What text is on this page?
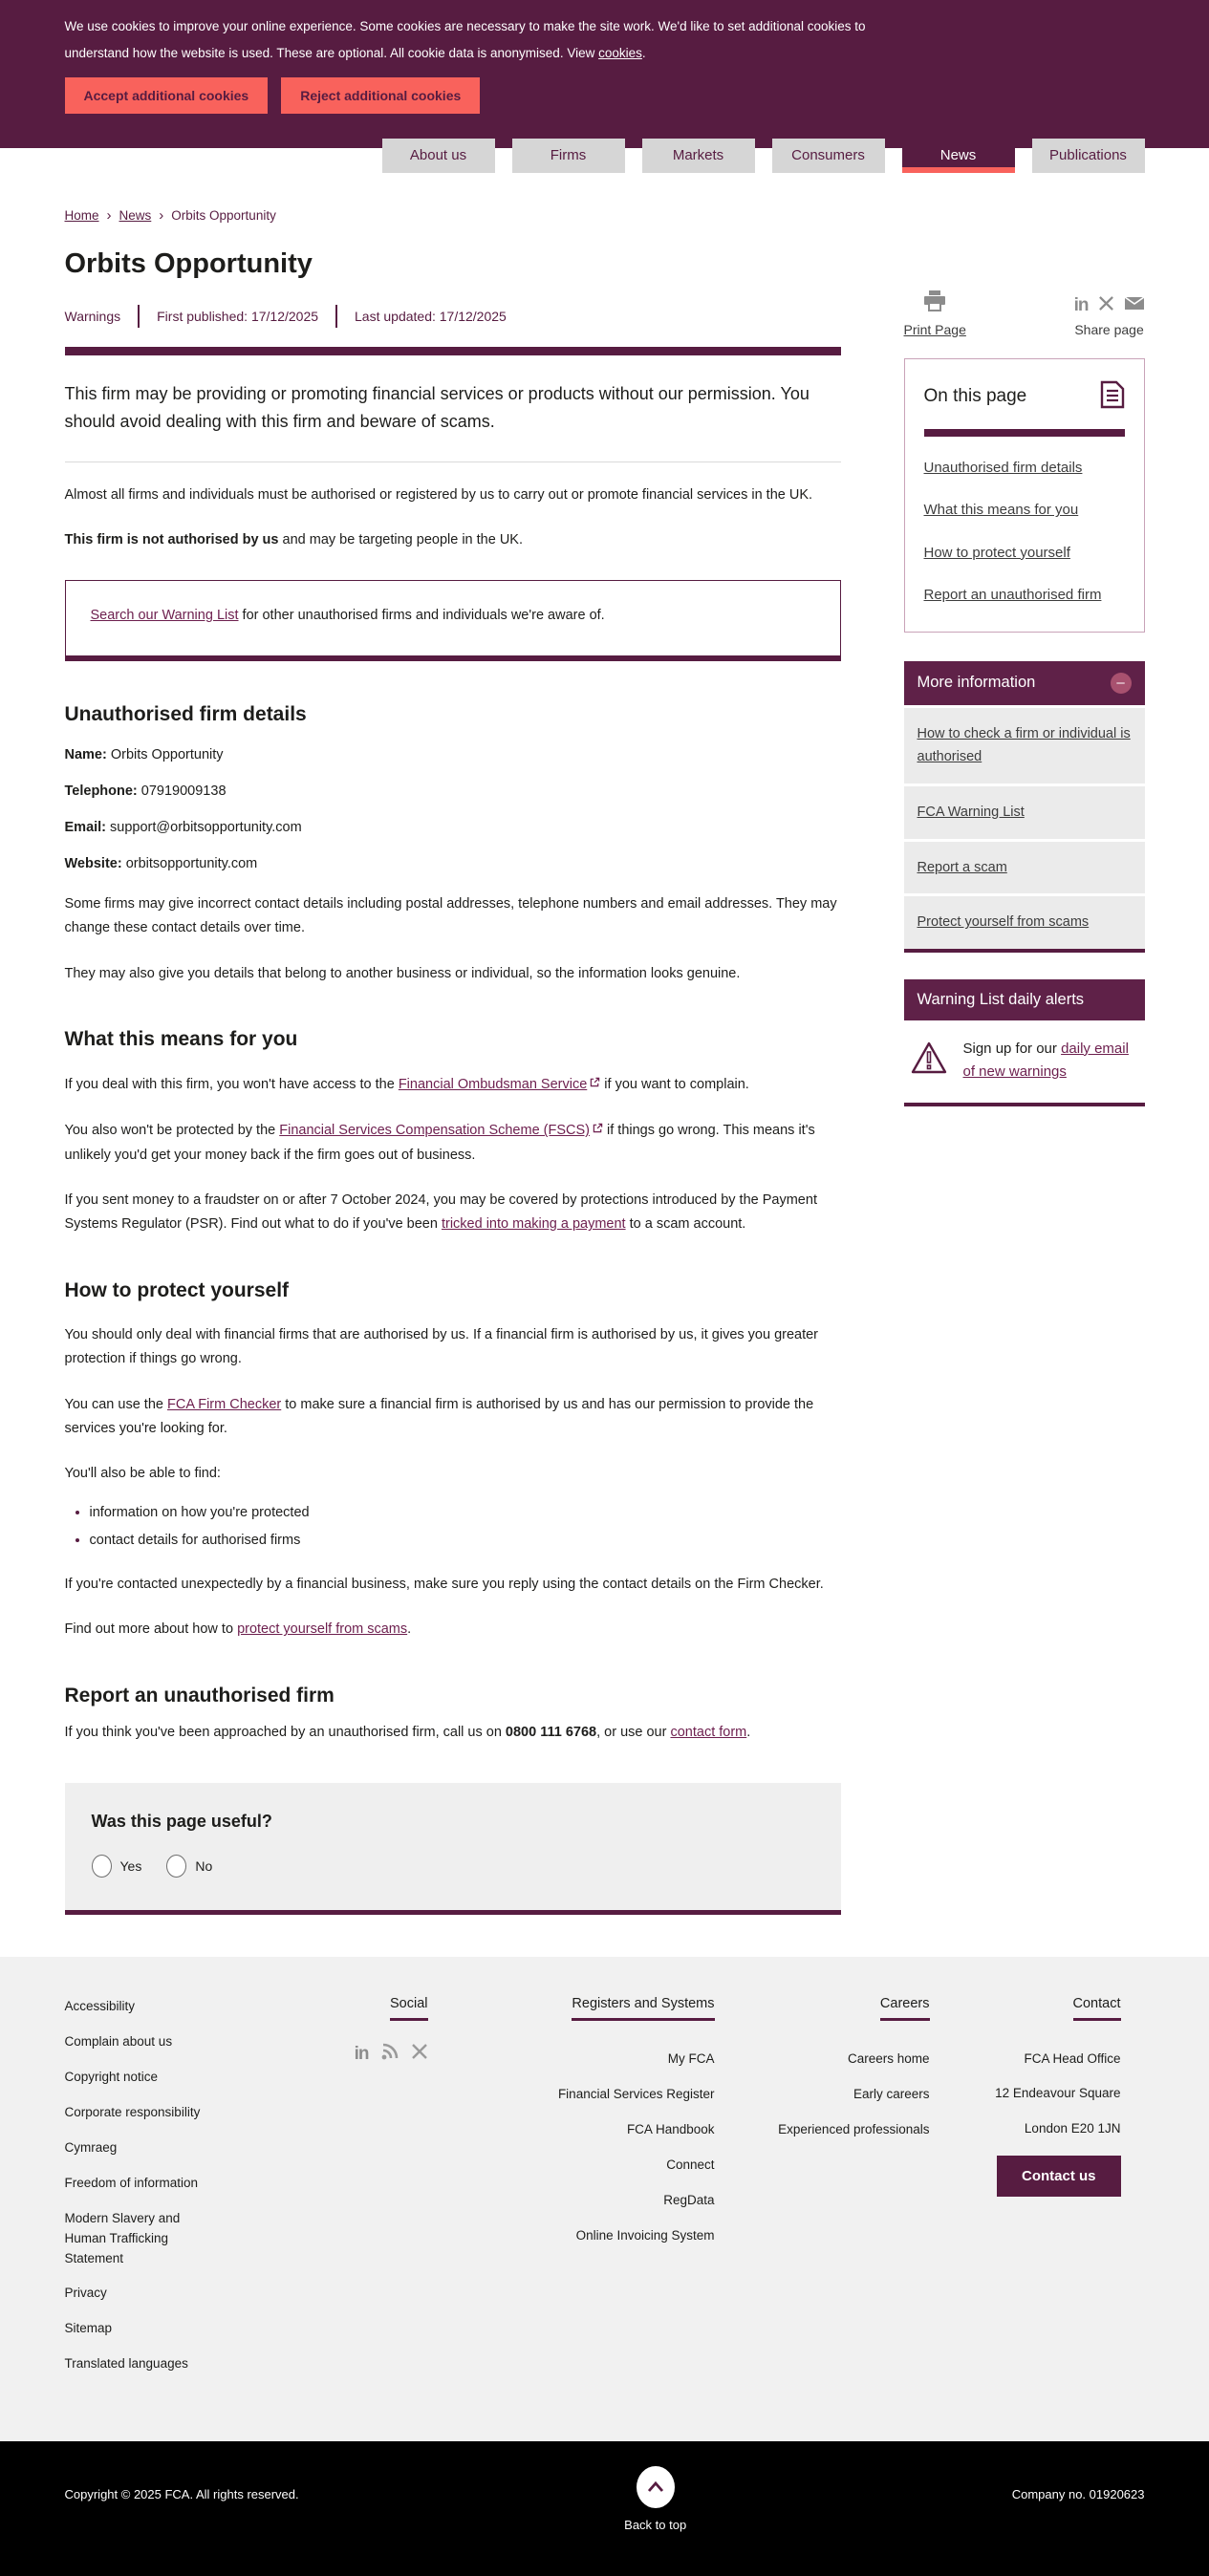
We use cookies to improve your online experience. Some cookies are necessary to make the site work. We'd like to set additional cookies to understand how the website is used. These are optional. All cookie data is anonymised. View cookies.

Accept additional cookies	Reject additional cookies
About us	Firms	Markets	Consumers	News	Publications
Home › News › Orbits Opportunity
Orbits Opportunity
Warnings	First published: 17/12/2025	Last updated: 17/12/2025

This firm may be providing or promoting financial services or products without our permission. You should avoid dealing with this firm and beware of scams.

Almost all firms and individuals must be authorised or registered by us to carry out or promote financial services in the UK.

This firm is not authorised by us and may be targeting people in the UK.

Search our Warning List for other unauthorised firms and individuals we're aware of.
Unauthorised firm details

Name: Orbits Opportunity

Telephone: 07919009138

Email: support@orbitsopportunity.com

Website: orbitsopportunity.com

Some firms may give incorrect contact details including postal addresses, telephone numbers and email addresses. They may change these contact details over time.

They may also give you details that belong to another business or individual, so the information looks genuine.

What this means for you

If you deal with this firm, you won't have access to the Financial Ombudsman Service if you want to complain.

You also won't be protected by the Financial Services Compensation Scheme (FSCS) if things go wrong. This means it's unlikely you'd get your money back if the firm goes out of business.

If you sent money to a fraudster on or after 7 October 2024, you may be covered by protections introduced by the Payment Systems Regulator (PSR). Find out what to do if you've been tricked into making a payment to a scam account.

How to protect yourself

You should only deal with financial firms that are authorised by us. If a financial firm is authorised by us, it gives you greater protection if things go wrong.

You can use the FCA Firm Checker to make sure a financial firm is authorised by us and has our permission to provide the services you're looking for.

You'll also be able to find:

• information on how you're protected
• contact details for authorised firms

If you're contacted unexpectedly by a financial business, make sure you reply using the contact details on the Firm Checker.

Find out more about how to protect yourself from scams.

Report an unauthorised firm

If you think you've been approached by an unauthorised firm, call us on 0800 111 6768, or use our contact form.

Was this page useful?
Yes	No
Print Page
in
Share page
On this page
Unauthorised firm details
What this means for you
How to protect yourself
Report an unauthorised firm
More information	–
How to check a firm or individual is authorised
FCA Warning List
Report a scam
Protect yourself from scams
Warning List daily alerts
Sign up for our daily email of new warnings
Accessibility
Complain about us
Copyright notice
Corporate responsibility
Cymraeg
Freedom of information
Modern Slavery and Human Trafficking Statement
Privacy
Sitemap
Translated languages
Social
in
Registers and Systems
My FCA
Financial Services Register
FCA Handbook
Connect
RegData
Online Invoicing System
Careers
Careers home
Early careers
Experienced professionals
Contact
FCA Head Office
12 Endeavour Square
London E20 1JN
Contact us
Copyright © 2025 FCA. All rights reserved.
Back to top
Company no. 01920623
